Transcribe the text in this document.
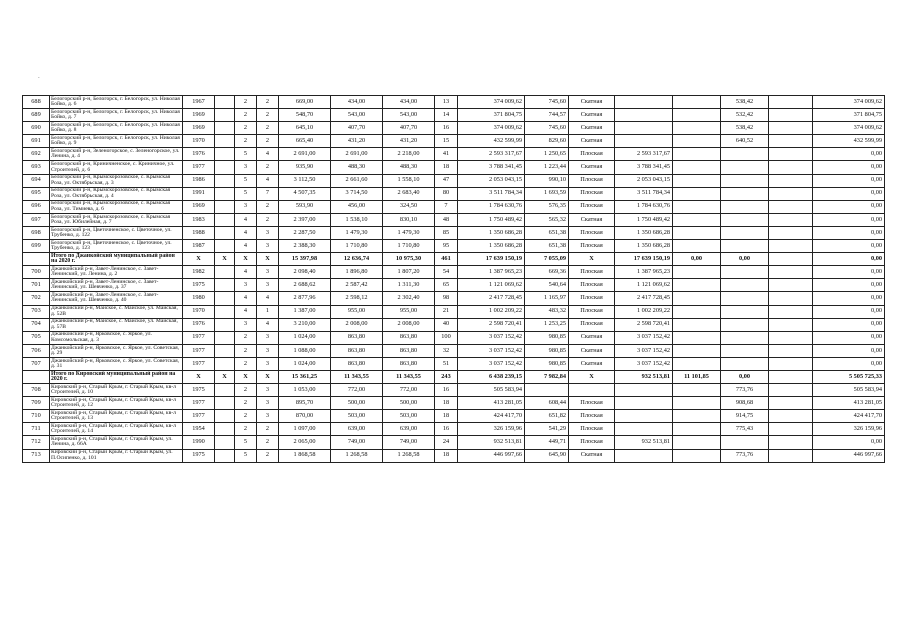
.
688	Белогорский р-н, Белогорск, г. Белогорск, ул. Николая Бойко, д. 6	1967		2	2	669,00	434,00	434,00	13	374 009,62	745,60	Скатная			538,42		374 009,62
689	Белогорский р-н, Белогорск, г. Белогорск, ул. Николая Бойко, д. 7	1969		2	2	548,70	543,00	543,00	14	371 804,75	744,57	Скатная			532,42		371 804,75
690	Белогорский р-н, Белогорск, г. Белогорск, ул. Николая Бойко, д. 8	1969		2	2	645,10	407,70	407,70	16	374 009,62	745,60	Скатная			538,42		374 009,62
691	Белогорский р-н, Белогорск, г. Белогорск, ул. Николая Бойко, д. 9	1970		2	2	665,40	431,20	431,20	15	432 599,99	829,60	Скатная			640,52		432 599,99
692	Белогорский р-н, Зеленогорское, с. Зеленогорское, ул. Ленина, д. 4	1976		5	4	2 691,00	2 691,00	2 218,00	41	2 593 317,67	1 250,65	Плоская	2 593 317,67				0,00
693	Белогорский р-н, Криничненское, с. Криничное, ул. Строителей, д. 6	1977		3	2	935,90	488,30	488,30	18	3 788 341,45	1 223,44	Скатная	3 788 341,45				0,00
694	Белогорский р-н, Крымскорозовское, с. Крымская Роза, ул. Октябрьская, д. 3	1986		5	4	3 112,50	2 661,60	1 558,10	47	2 053 043,15	990,10	Плоская	2 053 043,15				0,00
695	Белогорский р-н, Крымскорозовское, с. Крымская Роза, ул. Октябрьская, д. 4	1991		5	7	4 507,35	3 714,50	2 683,40	80	3 511 784,34	1 693,59	Плоская	3 511 784,34				0,00
696	Белогорский р-н, Крымскорозовское, с. Крымская Роза, ул. Тимиева, д. 6	1969		3	2	593,90	456,00	324,50	7	1 784 630,76	576,35	Плоская	1 784 630,76				0,00
697	Белогорский р-н, Крымскорозовское, с. Крымская Роза, ул. Юбилейная, д. 7	1983		4	2	2 397,00	1 538,10	830,10	48	1 750 489,42	565,32	Скатная	1 750 489,42				0,00
698	Белогорский р-н, Цветочненское, с. Цветочное, ул. Трубенко, д. 122	1988		4	3	2 287,50	1 479,30	1 479,30	85	1 350 686,28	651,38	Плоская	1 350 686,28				0,00
699	Белогорский р-н, Цветочненское, с. Цветочное, ул. Трубенко, д. 123	1987		4	3	2 388,30	1 710,80	1 710,80	95	1 350 686,28	651,38	Плоская	1 350 686,28				0,00
	Итого по Джанкойский муниципальный район на 2020 г.	X	X	X	X	15 397,98	12 636,74	10 975,30	461	17 639 150,19	7 055,09	X	17 639 150,19	0,00	0,00		0,00
700	Джанкойский р-н, Завет-Ленинское, с. Завет-Ленинский, ул. Ленина, д. 2	1982		4	3	2 098,40	1 896,80	1 807,20	54	1 387 965,23	669,36	Плоская	1 387 965,23				0,00
701	Джанкойский р-н, Завет-Ленинское, с. Завет-Ленинский, ул. Шевченко, д. 37	1975		3	3	2 688,62	2 587,42	1 311,30	65	1 121 069,62	540,64	Плоская	1 121 069,62				0,00
702	Джанкойский р-н, Завет-Ленинское, с. Завет-Ленинский, ул. Шевченко, д. 40	1980		4	4	2 877,96	2 598,12	2 302,40	98	2 417 728,45	1 165,97	Плоская	2 417 728,45				0,00
703	Джанкойский р-н, Майское, с. Майское, ул. Майская, д. 52В	1970		4	1	1 387,00	955,00	955,00	21	1 002 209,22	483,32	Плоская	1 002 209,22				0,00
704	Джанкойский р-н, Майское, с. Майское, ул. Майская, д. 57В	1976		3	4	3 210,00	2 008,00	2 008,00	40	2 598 720,41	1 253,25	Плоская	2 598 720,41				0,00
705	Джанкойский р-н, Ярковское, с. Яркое, ул. Комсомольская, д. 3	1977		2	3	1 024,00	863,80	863,80	100	3 037 152,42	980,85	Скатная	3 037 152,42				0,00
706	Джанкойский р-н, Ярковское, с. Яркое, ул. Советская, д. 29	1977		2	3	1 088,00	863,80	863,80	32	3 037 152,42	980,85	Скатная	3 037 152,42				0,00
707	Джанкойский р-н, Ярковское, с. Яркое, ул. Советская, д. 31	1977		2	3	1 024,00	863,80	863,80	51	3 037 152,42	980,85	Скатная	3 037 152,42				0,00
	Итого по Кировский муниципальный район на 2020 г.	X	X	X	X	15 361,25	11 343,55	11 343,55	243	6 438 239,15	7 982,84	X	932 513,81	11 101,85	0,00		5 505 725,33
708	Кировский р-н, Старый Крым, г. Старый Крым, кв-л Строителей, д. 10	1975		2	3	1 053,00	772,00	772,00	16	505 583,94					773,76		505 583,94
709	Кировский р-н, Старый Крым, г. Старый Крым, кв-л Строителей, д. 12	1977		2	3	895,70	500,00	500,00	18	413 281,05	608,44	Плоская			908,68		413 281,05
710	Кировский р-н, Старый Крым, г. Старый Крым, кв-л Строителей, д. 13	1977		2	3	870,00	503,00	503,00	18	424 417,70	651,82	Плоская			914,75		424 417,70
711	Кировский р-н, Старый Крым, г. Старый Крым, кв-л Строителей, д. 14	1954		2	2	1 097,00	639,00	639,00	16	326 159,96	541,29	Плоская			775,43		326 159,96
712	Кировский р-н, Старый Крым, г. Старый Крым, ул. Ленина, д. 66А	1990		5	2	2 065,00	749,00	749,00	24	932 513,81	449,71	Плоская	932 513,81				0,00
713	Кировский р-н, Старый Крым, г. Старый Крым, ул. П.Осипенко, д. 101	1975		5	2	1 868,58	1 268,58	1 268,58	18	446 997,66	645,90	Скатная			773,76		446 997,66
